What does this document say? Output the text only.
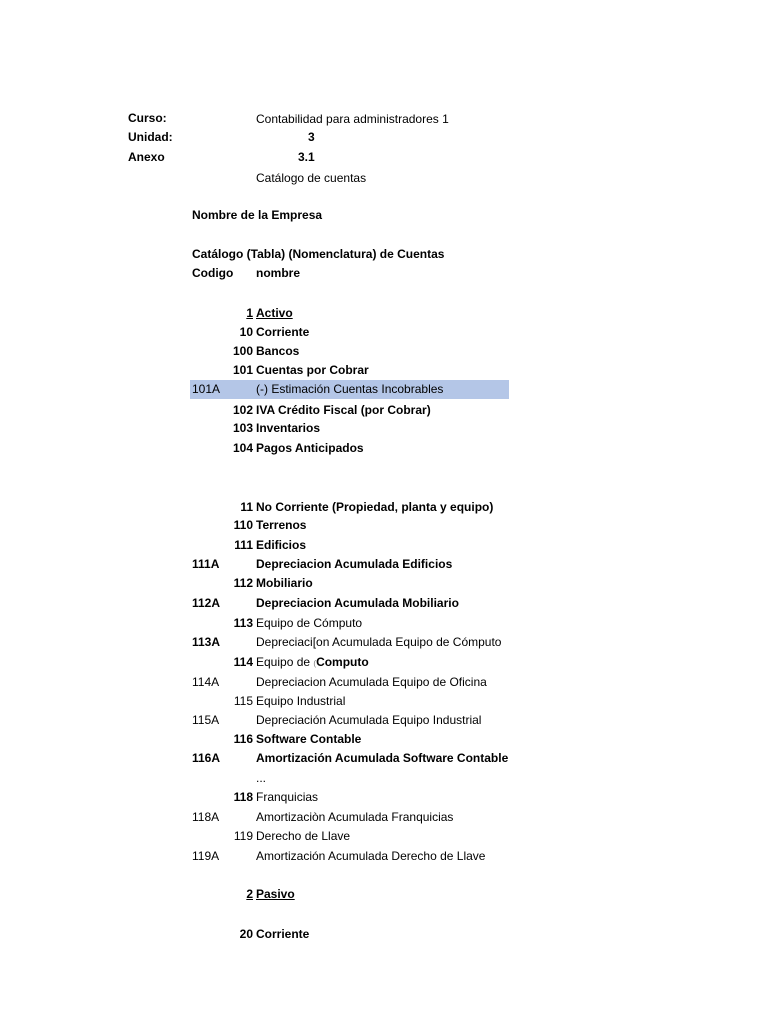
Curso:	Contabilidad para administradores 1
Unidad:	3
Anexo	3.1
Catálogo de cuentas
Nombre de la Empresa
Catálogo (Tabla) (Nomenclatura) de Cuentas
Codigo nombre
1 Activo
10 Corriente
100 Bancos
101 Cuentas por Cobrar
101A	(-) Estimación Cuentas Incobrables
102 IVA Crédito Fiscal (por Cobrar)
103 Inventarios
104 Pagos Anticipados
11 No Corriente (Propiedad, planta y equipo)
110 Terrenos
111 Edificios
111A	Depreciacion Acumulada Edificios
112 Mobiliario
112A	Depreciacion Acumulada Mobiliario
113 Equipo de Cómputo
113A	Depreciaci[on Acumulada Equipo de Cómputo
114 Equipo de (Computo
114A	Depreciacion Acumulada Equipo de Oficina
115 Equipo Industrial
115A	Depreciación Acumulada Equipo Industrial
116 Software Contable
116A	Amortización Acumulada Software Contable
...
118 Franquicias
118A	Amortizaciòn Acumulada Franquicias
119 Derecho de Llave
119A	Amortización Acumulada Derecho de Llave
2 Pasivo
20 Corriente
